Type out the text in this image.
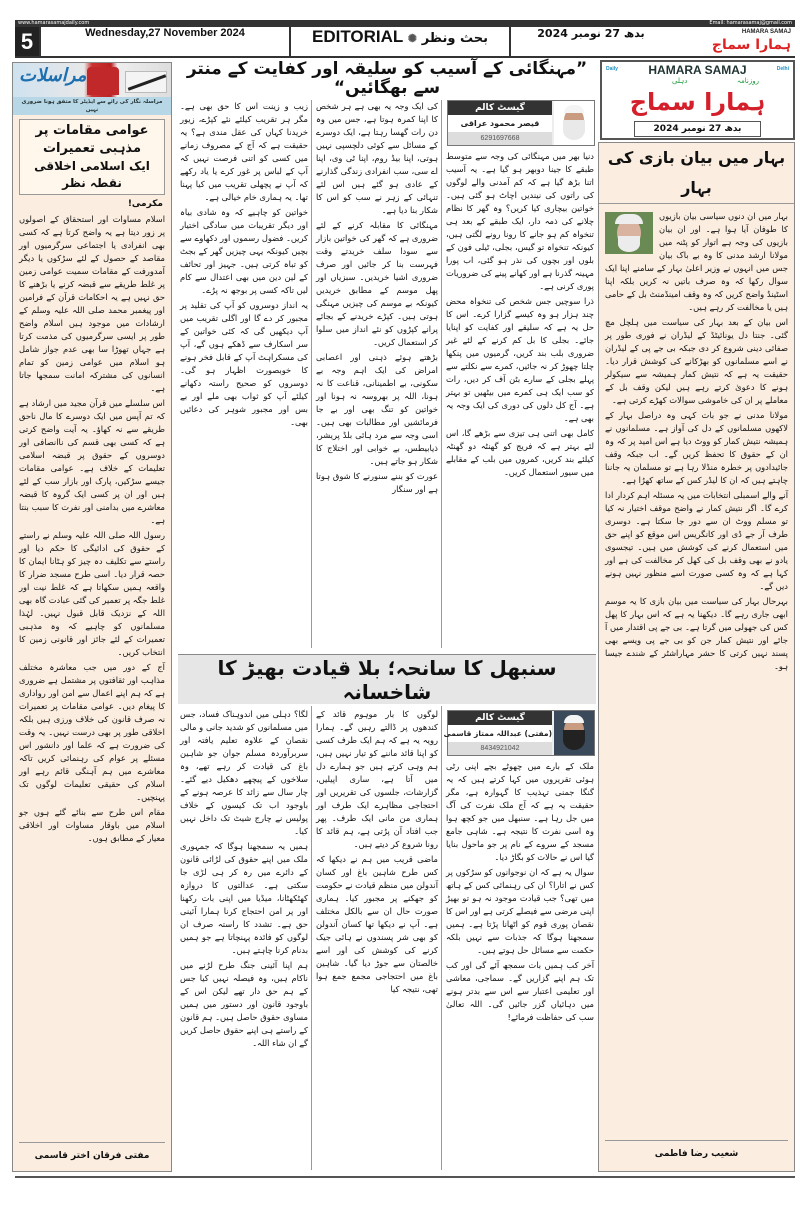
www.hamarasamajdaily.com	Email: hamarasamaj@gmail.com
5	Wednesday,27 November 2024	EDITORIAL ✺ بحث ونظر	بدھ 27 نومبر 2024	HAMARA SAMAJ
ہمارا سماج
مراسلات
مراسلہ نگار کی رائے سے ایڈیٹر کا متفق ہونا ضروری نہیں
عوامی مقامات پر مذہبی تعمیرات
ایک اسلامی اخلاقی نقطہ نظر
مکرمی!

اسلام مساوات اور استحقاق کے اصولوں پر زور دیتا ہے یہ واضح کرتا ہے کہ کسی بھی انفرادی یا اجتماعی سرگرمیوں اور مقاصد کے حصول کے لئے سڑکوں یا دیگر آمدورفت کے مقامات سمیت عوامی زمین پر غلط طریقے سے قبضہ کرنے یا بڑھنے کا حق نہیں ہے یہ احکامات قرآن کے فرامین اور پیغمبر محمد صلی اللہ علیہ وسلم کے ارشادات میں موجود ہیں اسلام واضح طور پر ایسی سرگرمیوں کی مذمت کرتا ہے جہاں تھوڑا سا بھی عدم جواز شامل ہو اسلام میں عوامی زمین کو تمام انسانوں کی مشترکہ امانت سمجھا جاتا ہے۔

اس سلسلے میں قرآن مجید میں ارشاد ہے کہ تم آپس میں ایک دوسرے کا مال ناحق طریقے سے نہ کھاؤ۔ یہ آیت واضح کرتی ہے کہ کسی بھی قسم کی ناانصافی اور دوسروں کے حقوق پر قبضہ اسلامی تعلیمات کے خلاف ہے۔ عوامی مقامات جیسے سڑکیں، پارک اور بازار سب کے لئے ہیں اور ان پر کسی ایک گروہ کا قبضہ معاشرے میں بدامنی اور نفرت کا سبب بنتا ہے۔

رسول اللہ صلی اللہ علیہ وسلم نے راستے کے حقوق کی ادائیگی کا حکم دیا اور راستے سے تکلیف دہ چیز کو ہٹانا ایمان کا حصہ قرار دیا۔ اسی طرح مسجد ضرار کا واقعہ ہمیں سکھاتا ہے کہ غلط نیت اور غلط جگہ پر تعمیر کی گئی عبادت گاہ بھی اللہ کے نزدیک قابل قبول نہیں۔ لہٰذا مسلمانوں کو چاہیے کہ وہ مذہبی تعمیرات کے لئے جائز اور قانونی زمین کا انتخاب کریں۔

آج کے دور میں جب معاشرہ مختلف مذاہب اور ثقافتوں پر مشتمل ہے ضروری ہے کہ ہم اپنے اعمال سے امن اور رواداری کا پیغام دیں۔ عوامی مقامات پر تعمیرات نہ صرف قانون کی خلاف ورزی ہیں بلکہ اخلاقی طور پر بھی درست نہیں۔ یہ وقت کی ضرورت ہے کہ علما اور دانشور اس مسئلے پر عوام کی رہنمائی کریں تاکہ معاشرے میں ہم آہنگی قائم رہے اور اسلام کی حقیقی تعلیمات لوگوں تک پہنچیں۔

مقام اس طرح سے بنائے گئے ہوں جو اسلام میں باوقار مساوات اور اخلاقی معیار کے مطابق ہوں۔

مفتی فرقان اختر قاسمی
”مہنگائی کے آسیب کو سلیقہ اور کفایت کے منتر سے بھگائیں“
گیسٹ کالم
قیصر محمود عراقی
6291697668

دنیا بھر میں مہنگائی کی وجہ سے متوسط طبقے کا جینا دوبھر ہو گیا ہے۔ یہ آسیب اتنا بڑھ گیا ہے کہ کم آمدنی والے لوگوں کی راتوں کی نیندیں اچاٹ ہو گئی ہیں۔ خواتین بیچاری کیا کریں؟ وہ گھر کا نظام چلانے کی ذمہ دار، ایک طبقے کے بعد ہی تنخواہ کم ہو جانے کا رونا رونے لگتی ہیں، کیونکہ تنخواہ تو گیس، بجلی، ٹیلی فون کے بلوں اور بچوں کی نذر ہو گئی، اب پورا مہینہ گذرنا ہے اور کھانے پینے کی ضروریات پوری کرنی ہے۔

ذرا سوچیں جس شخص کی تنخواہ محض چند ہزار ہو وہ کیسے گزارا کرے۔ اس کا حل یہ ہے کہ سلیقے اور کفایت کو اپنایا جائے۔ بجلی کا بل کم کرنے کے لئے غیر ضروری بلب بند کریں، گرمیوں میں پنکھا چلتا چھوڑ کر نہ جائیں، کمرے سے نکلتے سے پہلے بجلی کے سارے بٹن آف کر دیں، رات کو سب ایک ہی کمرے میں بیٹھیں تو بہتر ہے۔ آج کل دلوں کی دوری کی ایک وجہ یہ بھی ہے۔

کامل بھی اتنی ہی تیزی سے بڑھے گا، اس لئے بہتر ہے کہ فریج کو گھنٹہ دو گھنٹہ کیلئے بند کریں، کمروں میں بلب کے مقابلے میں سیور استعمال کریں۔

کی ایک وجہ یہ بھی ہے ہر شخص کا اپنا کمرہ ہوتا ہے، جس میں وہ دن رات گھسا رہتا ہے، ایک دوسرے کے مسائل سے کوئی دلچسپی نہیں ہوتی، اپنا بیڈ روم، اپنا ٹی وی، اپنا اے سی، سب انفرادی زندگی گذارنے کے عادی ہو گئے ہیں اس لئے تنہائی کے زہر نے سب کو اس کا شکار بنا دیا ہے۔

مہنگائی کا مقابلہ کرنے کے لئے ضروری ہے کہ گھر کی خواتین بازار سے سودا سلف خریدتے وقت فہرست بنا کر جائیں اور صرف ضروری اشیا خریدیں۔ سبزیاں اور پھل موسم کے مطابق خریدیں کیونکہ بے موسم کی چیزیں مہنگی ہوتی ہیں۔ کپڑے خریدنے کے بجائے پرانے کپڑوں کو نئے انداز میں سلوا کر استعمال کریں۔

بڑھتے ہوئے ذہنی اور اعصابی امراض کی ایک اہم وجہ بے سکونی، بے اطمینانی، قناعت کا نہ ہونا، اللہ پر بھروسہ نہ ہونا اور خواتین کو تنگ بھی اور بے جا فرمائشیں اور مطالبات بھی ہیں۔ اسی وجہ سے مرد ہائی بلڈ پریشر، ذیابیطس، بے خوابی اور اختلاج کا شکار ہو جاتے ہیں۔

عورت کو بننے سنورنے کا شوق ہوتا ہے اور سنگار

زیب و زینت اس کا حق بھی ہے۔ مگر ہر تقریب کیلئے نئے کپڑے، زیور خریدنا کہاں کی عقل مندی ہے؟ یہ حقیقت ہے کہ آج کے مصروف زمانے میں کسی کو اتنی فرصت نہیں کہ آپ کے لباس پر غور کرے یا یاد رکھے کہ آپ نے پچھلی تقریب میں کیا پہنا تھا۔ یہ ہماری خام خیالی ہے۔

خواتین کو چاہیے کہ وہ شادی بیاہ اور دیگر تقریبات میں سادگی اختیار کریں۔ فضول رسموں اور دکھاوے سے بچیں کیونکہ یہی چیزیں گھر کے بجٹ کو تباہ کرتی ہیں۔ جہیز اور تحائف کے لین دین میں بھی اعتدال سے کام لیں تاکہ کسی پر بوجھ نہ پڑے۔

یہ انداز دوسروں کو آپ کی تقلید پر مجبور کر دے گا اور اگلی تقریب میں آپ دیکھیں گی کہ کئی خواتین کے سر اسکارف سے ڈھکے ہوں گے، آپ کی مسکراہٹ آپ کے قابل فخر ہونے کا خوبصورت اظہار ہو گی۔ دوسروں کو صحیح راستہ دکھانے کیلئے آپ کو ثواب بھی ملے اور بے بس اور مجبور شوہر کی دعائیں بھی۔

سنبھل کا سانحہ؛ بلا قیادت بھیڑ کا شاخسانہ
گیسٹ کالم
(مفتی) عبداللہ ممتاز قاسمی
8434921042

ملک کے بارے میں چھوٹے بچے اپنی رٹی ہوئی تقریروں میں کہا کرتے ہیں کہ یہ گنگا جمنی تہذیب کا گہوارہ ہے، مگر حقیقت یہ ہے کہ آج ملک نفرت کی آگ میں جل رہا ہے۔ سنبھل میں جو کچھ ہوا وہ اسی نفرت کا نتیجہ ہے۔ شاہی جامع مسجد کے سروے کے نام پر جو ماحول بنایا گیا اس نے حالات کو بگاڑ دیا۔

سوال یہ ہے کہ ان نوجوانوں کو سڑکوں پر کس نے اتارا؟ ان کی رہنمائی کس کے ہاتھ میں تھی؟ جب قیادت موجود نہ ہو تو بھیڑ اپنی مرضی سے فیصلے کرتی ہے اور اس کا نقصان پوری قوم کو اٹھانا پڑتا ہے۔ ہمیں سمجھنا ہوگا کہ جذبات سے نہیں بلکہ حکمت سے مسائل حل ہوتے ہیں۔

آخر کب ہمیں بات سمجھ آئے گی اور کب تک ہم اپنے گزاریں گے۔ سماجی، معاشی اور تعلیمی اعتبار سے اس سے بدتر ہونے میں دہائیاں گزر جائیں گی۔ اللہ تعالیٰ سب کی حفاظت فرمائے!

لوگوں کا بار موہوم قائد کے کندھوں پر ڈالتے رہیں گے۔ ہمارا رویہ یہ ہے کہ ہم ایک طرف کسی کو اپنا قائد ماننے کو تیار نہیں ہیں، ہم وہی کرتے ہیں جو ہمارے دل میں آتا ہے، ساری اپیلیں، گزارشات، جلسوں کی تقریریں اور احتجاجی مظاہرے ایک طرف اور ہماری من مانی ایک طرف۔ پھر جب افتاد آن پڑتی ہے، ہم قائد کا رونا شروع کر دیتے ہیں۔

ماضی قریب میں ہم نے دیکھا کہ کس طرح شاہین باغ اور کسان آندولن میں منظم قیادت نے حکومت کو جھکنے پر مجبور کیا۔ ہماری صورت حال ان سے بالکل مختلف ہے۔ آپ نے دیکھا تھا کسان آندولن کو بھی شر پسندوں نے ہائی جیک کرنے کی کوشش کی اور اسے خالصتان سے جوڑ دیا گیا۔ شاہین باغ میں احتجاجی مجمع جمع ہوا تھی، نتیجہ کیا

لگا؟ دہلی میں اندوہناک فساد، جس میں مسلمانوں کو شدید جانی و مالی نقصان کے علاوہ تعلیم یافتہ اور سربرآوردہ مسلم جوان جو شاہین باغ کی قیادت کر رہے تھے، وہ سلاخوں کے پیچھے دھکیل دیے گئے۔ چار سال سے زائد کا عرصہ ہونے کے باوجود اب تک کیسوں کے خلاف پولیس نے چارج شیٹ تک داخل نہیں کیا۔

ہمیں یہ سمجھنا ہوگا کہ جمہوری ملک میں اپنے حقوق کی لڑائی قانون کے دائرے میں رہ کر ہی لڑی جا سکتی ہے۔ عدالتوں کا دروازہ کھٹکھٹانا، میڈیا میں اپنی بات رکھنا اور پر امن احتجاج کرنا ہمارا آئینی حق ہے۔ تشدد کا راستہ صرف ان لوگوں کو فائدہ پہنچاتا ہے جو ہمیں بدنام کرنا چاہتے ہیں۔

ہم اپنا آئینی جنگ طرح لڑنے میں ناکام ہیں، وہ فیصلہ نہیں کیا جس کے ہم حق دار تھے لیکن اس کے باوجود قانون اور دستور میں ہمیں مساوی حقوق حاصل ہیں۔ ہم قانون کے راستے ہی اپنے حقوق حاصل کریں گے ان شاء اللہ۔

Daily	HAMARA SAMAJ	Delhi
روزنامہ
دہلی
ہمارا سماج
بدھ 27 نومبر 2024
بہار میں بیان بازی کی بہار

بہار میں ان دنوں سیاسی بیان بازیوں کا طوفان آیا ہوا ہے۔ اور ان بیان بازیوں کی وجہ ہے اتوار کو پٹنہ میں مولانا ارشد مدنی کا وہ بے باک بیان جس میں انہوں نے وزیر اعلیٰ بہار کے سامنے اپنا ایک سوال رکھا کہ وہ صرف باتیں نہ کریں بلکہ اپنا اسٹینڈ واضح کریں کہ وہ وقف امینڈمنٹ بل کے حامی ہیں یا مخالفت کر رہے ہیں۔

اس بیان کے بعد بہار کی سیاست میں ہلچل مچ گئی۔ جنتا دل یونائیٹڈ کے لیڈران نے فوری طور پر صفائی دینی شروع کر دی جبکہ بی جے پی کے لیڈران نے اسے مسلمانوں کو بھڑکانے کی کوشش قرار دیا۔ حقیقت یہ ہے کہ نتیش کمار ہمیشہ سے سیکولر ہونے کا دعویٰ کرتے رہے ہیں لیکن وقف بل کے معاملے پر ان کی خاموشی سوالات کھڑے کرتی ہے۔

مولانا مدنی نے جو بات کہی وہ دراصل بہار کے لاکھوں مسلمانوں کے دل کی آواز ہے۔ مسلمانوں نے ہمیشہ نتیش کمار کو ووٹ دیا ہے اس امید پر کہ وہ ان کے حقوق کا تحفظ کریں گے۔ اب جبکہ وقف جائیدادوں پر خطرہ منڈلا رہا ہے تو مسلمان یہ جاننا چاہتے ہیں کہ ان کا لیڈر کس کے ساتھ کھڑا ہے۔

آنے والے اسمبلی انتخابات میں یہ مسئلہ اہم کردار ادا کرے گا۔ اگر نتیش کمار نے واضح موقف اختیار نہ کیا تو مسلم ووٹ ان سے دور جا سکتا ہے۔ دوسری طرف آر جے ڈی اور کانگریس اس موقع کو اپنے حق میں استعمال کرنے کی کوشش میں ہیں۔ تیجسوی یادو نے بھی وقف بل کی کھل کر مخالفت کی ہے اور کہا ہے کہ وہ کسی صورت اسے منظور نہیں ہونے دیں گے۔

بہرحال بہار کی سیاست میں بیان بازی کا یہ موسم ابھی جاری رہے گا۔ دیکھنا یہ ہے کہ اس بہار کا پھل کس کی جھولی میں گرتا ہے۔ بی جے پی اقتدار میں آ جائے اور نتیش کمار جن کو بی جے پی ویسے بھی پسند نہیں کرتی کا حشر مہاراشٹر کے شندے جیسا ہو۔

شعیب رضا فاطمی
